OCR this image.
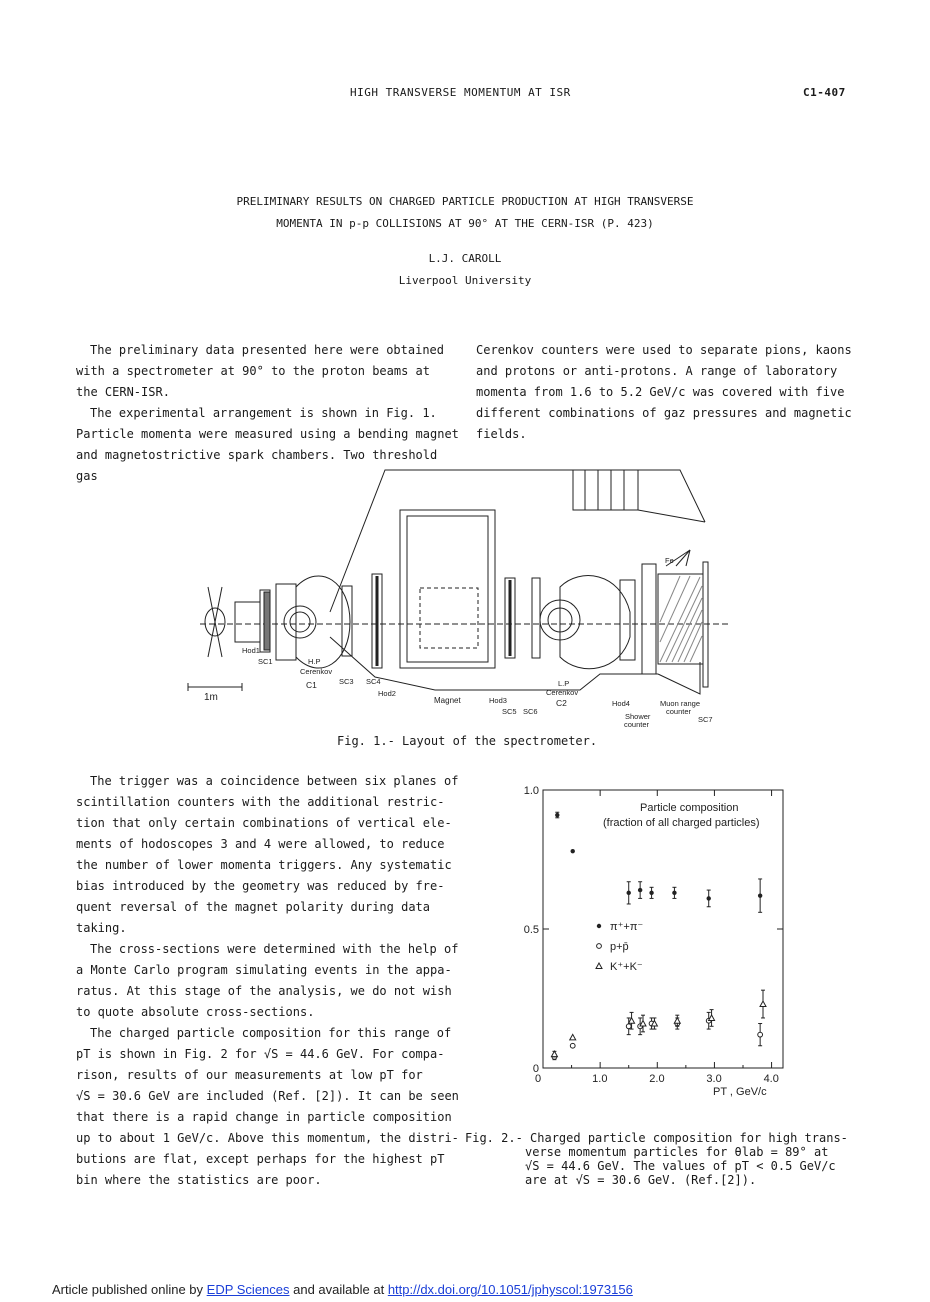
HIGH TRANSVERSE MOMENTUM AT ISR	C1-407
PRELIMINARY RESULTS ON CHARGED PARTICLE PRODUCTION AT HIGH TRANSVERSE
MOMENTA IN p-p COLLISIONS AT 90° AT THE CERN-ISR (P. 423)
L.J. CAROLL
Liverpool University

The preliminary data presented here were obtained

with a spectrometer at 90° to the proton beams at

the CERN-ISR.

The experimental arrangement is shown in Fig. 1.

Particle momenta were measured using a bending magnet

and magnetostrictive spark chambers. Two threshold gas

Cerenkov counters were used to separate pions, kaons

and protons or anti-protons. A range of laboratory

momenta from 1.6 to 5.2 GeV/c was covered with five

different combinations of gaz pressures and magnetic

fields.

Hod1
SC1	H.P
Cerenkov
C1	SC3 SC4
Hod2
Magnet	Hod3
SC5 SC6
L.P
Cerenkov
C2	Hod4
Shower
counter
Muon range
counter
SC7
Fe
1m
Fig. 1.- Layout of the spectrometer.

The trigger was a coincidence between six planes of

scintillation counters with the additional restric-

tion that only certain combinations of vertical ele-

ments of hodoscopes 3 and 4 were allowed, to reduce

the number of lower momenta triggers. Any systematic

bias introduced by the geometry was reduced by fre-

quent reversal of the magnet polarity during data

taking.

The cross-sections were determined with the help of

a Monte Carlo program simulating events in the appa-

ratus. At this stage of the analysis, we do not wish

to quote absolute cross-sections.

The charged particle composition for this range of

pT is shown in Fig. 2 for √S = 44.6 GeV. For compa-

rison, results of our measurements at low pT for

√S = 30.6 GeV are included (Ref. [2]). It can be seen

that there is a rapid change in particle composition

up to about 1 GeV/c. Above this momentum, the distri-

butions are flat, except perhaps for the highest pT

bin where the statistics are poor.

0	1.0	2.0	3.0	4.0
0
0.5
1.0
Particle composition
(fraction of all charged particles)
PT , GeV/c
π⁺+π⁻
p+p̄
K⁺+K⁻
Fig. 2.- Charged particle composition for high trans-
verse momentum particles for θlab = 89° at
√S = 44.6 GeV. The values of pT < 0.5 GeV/c
are at √S = 30.6 GeV. (Ref.[2]).
Article published online by EDP Sciences and available at http://dx.doi.org/10.1051/jphyscol:1973156
